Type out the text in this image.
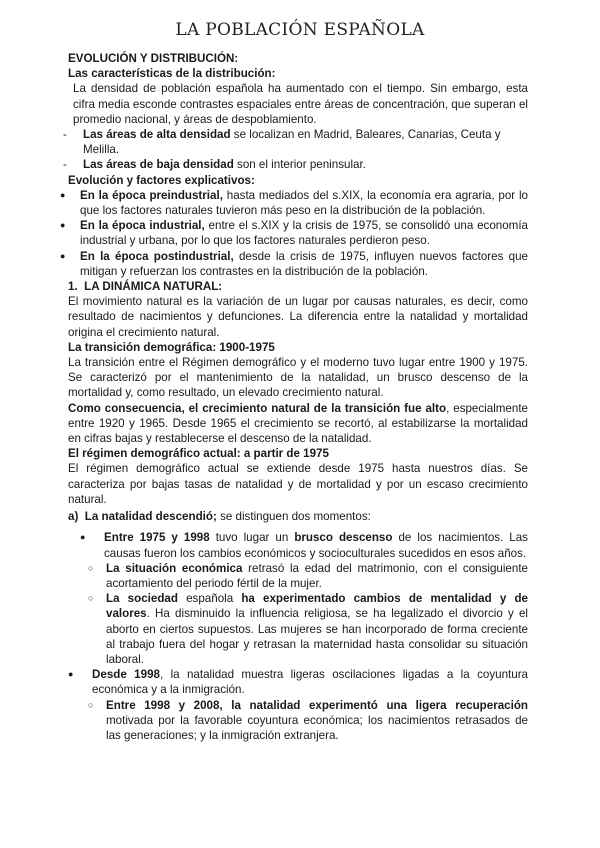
LA POBLACIÓN ESPAÑOLA

EVOLUCIÓN Y DISTRIBUCIÓN:

Las características de la distribución:

La densidad de población española ha aumentado con el tiempo. Sin embargo, esta cifra media esconde contrastes espaciales entre áreas de concentración, que superan el promedio nacional, y áreas de despoblamiento.

- Las áreas de alta densidad se localizan en Madrid, Baleares, Canarias, Ceuta y Melilla.

- Las áreas de baja densidad son el interior peninsular.

Evolución y factores explicativos:

● En la época preindustrial, hasta mediados del s.XIX, la economía era agraria, por lo que los factores naturales tuvieron más peso en la distribución de la población.

● En la época industrial, entre el s.XIX y la crisis de 1975, se consolidó una economía industrial y urbana, por lo que los factores naturales perdieron peso.

● En la época postindustrial, desde la crisis de 1975, influyen nuevos factores que mitigan y refuerzan los contrastes en la distribución de la población.

1. LA DINÁMICA NATURAL:

El movimiento natural es la variación de un lugar por causas naturales, es decir, como resultado de nacimientos y defunciones. La diferencia entre la natalidad y mortalidad origina el crecimiento natural.

La transición demográfica: 1900-1975

La transición entre el Régimen demográfico y el moderno tuvo lugar entre 1900 y 1975. Se caracterizó por el mantenimiento de la natalidad, un brusco descenso de la mortalidad y, como resultado, un elevado crecimiento natural.

Como consecuencia, el crecimiento natural de la transición fue alto, especialmente entre 1920 y 1965. Desde 1965 el crecimiento se recortó, al estabilizarse la mortalidad en cifras bajas y restablecerse el descenso de la natalidad.

El régimen demográfico actual: a partir de 1975

El régimen demográfico actual se extiende desde 1975 hasta nuestros días. Se caracteriza por bajas tasas de natalidad y de mortalidad y por un escaso crecimiento natural.

a) La natalidad descendió; se distinguen dos momentos:

● Entre 1975 y 1998 tuvo lugar un brusco descenso de los nacimientos. Las causas fueron los cambios económicos y socioculturales sucedidos en esos años.

○ La situación económica retrasó la edad del matrimonio, con el consiguiente acortamiento del periodo fértil de la mujer.

○ La sociedad española ha experimentado cambios de mentalidad y de valores. Ha disminuido la influencia religiosa, se ha legalizado el divorcio y el aborto en ciertos supuestos. Las mujeres se han incorporado de forma creciente al trabajo fuera del hogar y retrasan la maternidad hasta consolidar su situación laboral.

● Desde 1998, la natalidad muestra ligeras oscilaciones ligadas a la coyuntura económica y a la inmigración.

○ Entre 1998 y 2008, la natalidad experimentó una ligera recuperación motivada por la favorable coyuntura económica; los nacimientos retrasados de las generaciones; y la inmigración extranjera.
